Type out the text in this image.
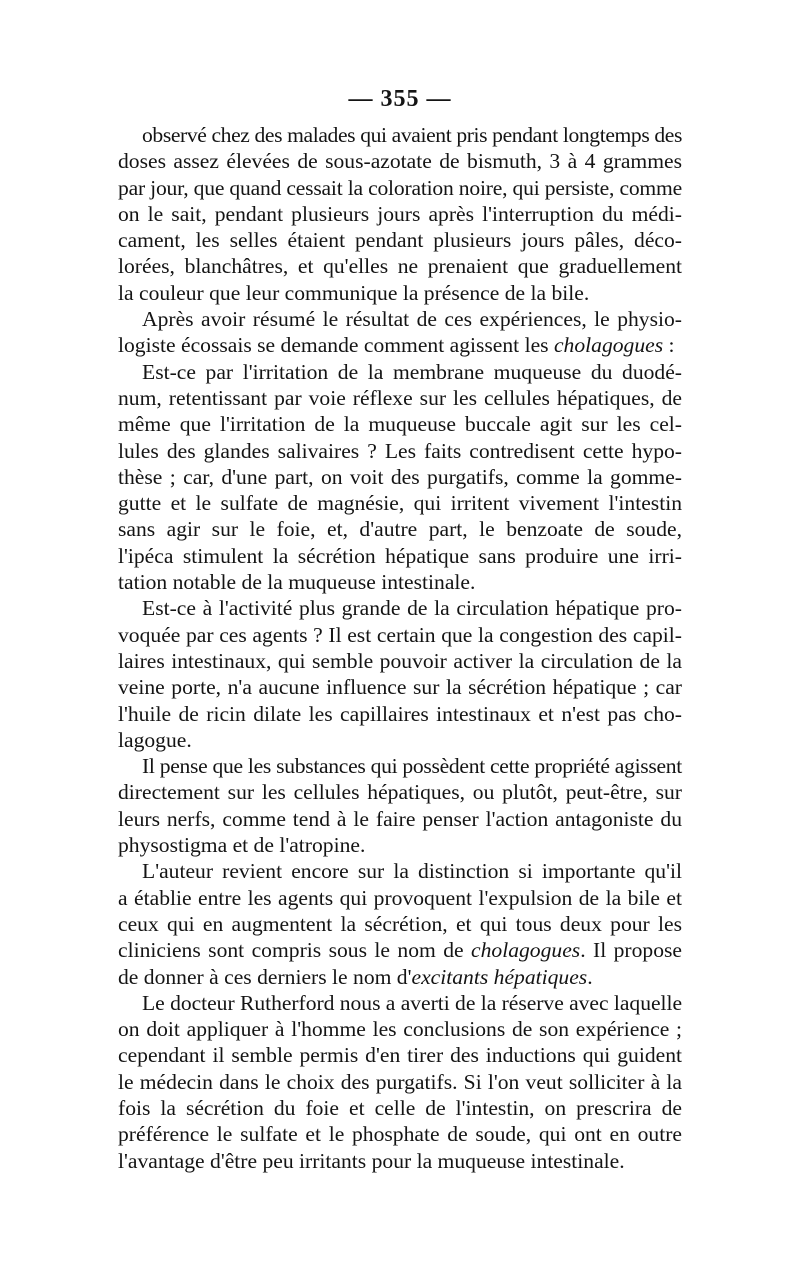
— 355 —
observé chez des malades qui avaient pris pendant longtemps des
doses assez élevées de sous-azotate de bismuth, 3 à 4 grammes
par jour, que quand cessait la coloration noire, qui persiste, comme
on le sait, pendant plusieurs jours après l'interruption du médi-
cament, les selles étaient pendant plusieurs jours pâles, déco-
lorées, blanchâtres, et qu'elles ne prenaient que graduellement
la couleur que leur communique la présence de la bile.
Après avoir résumé le résultat de ces expériences, le physio-
logiste écossais se demande comment agissent les cholagogues :
Est-ce par l'irritation de la membrane muqueuse du duodé-
num, retentissant par voie réflexe sur les cellules hépatiques, de
même que l'irritation de la muqueuse buccale agit sur les cel-
lules des glandes salivaires ? Les faits contredisent cette hypo-
thèse ; car, d'une part, on voit des purgatifs, comme la gomme-
gutte et le sulfate de magnésie, qui irritent vivement l'intestin
sans agir sur le foie, et, d'autre part, le benzoate de soude,
l'ipéca stimulent la sécrétion hépatique sans produire une irri-
tation notable de la muqueuse intestinale.
Est-ce à l'activité plus grande de la circulation hépatique pro-
voquée par ces agents ? Il est certain que la congestion des capil-
laires intestinaux, qui semble pouvoir activer la circulation de la
veine porte, n'a aucune influence sur la sécrétion hépatique ; car
l'huile de ricin dilate les capillaires intestinaux et n'est pas cho-
lagogue.
Il pense que les substances qui possèdent cette propriété agissent
directement sur les cellules hépatiques, ou plutôt, peut-être, sur
leurs nerfs, comme tend à le faire penser l'action antagoniste du
physostigma et de l'atropine.
L'auteur revient encore sur la distinction si importante qu'il
a établie entre les agents qui provoquent l'expulsion de la bile et
ceux qui en augmentent la sécrétion, et qui tous deux pour les
cliniciens sont compris sous le nom de cholagogues. Il propose
de donner à ces derniers le nom d'excitants hépatiques.
Le docteur Rutherford nous a averti de la réserve avec laquelle
on doit appliquer à l'homme les conclusions de son expérience ;
cependant il semble permis d'en tirer des inductions qui guident
le médecin dans le choix des purgatifs. Si l'on veut solliciter à la
fois la sécrétion du foie et celle de l'intestin, on prescrira de
préférence le sulfate et le phosphate de soude, qui ont en outre
l'avantage d'être peu irritants pour la muqueuse intestinale.
